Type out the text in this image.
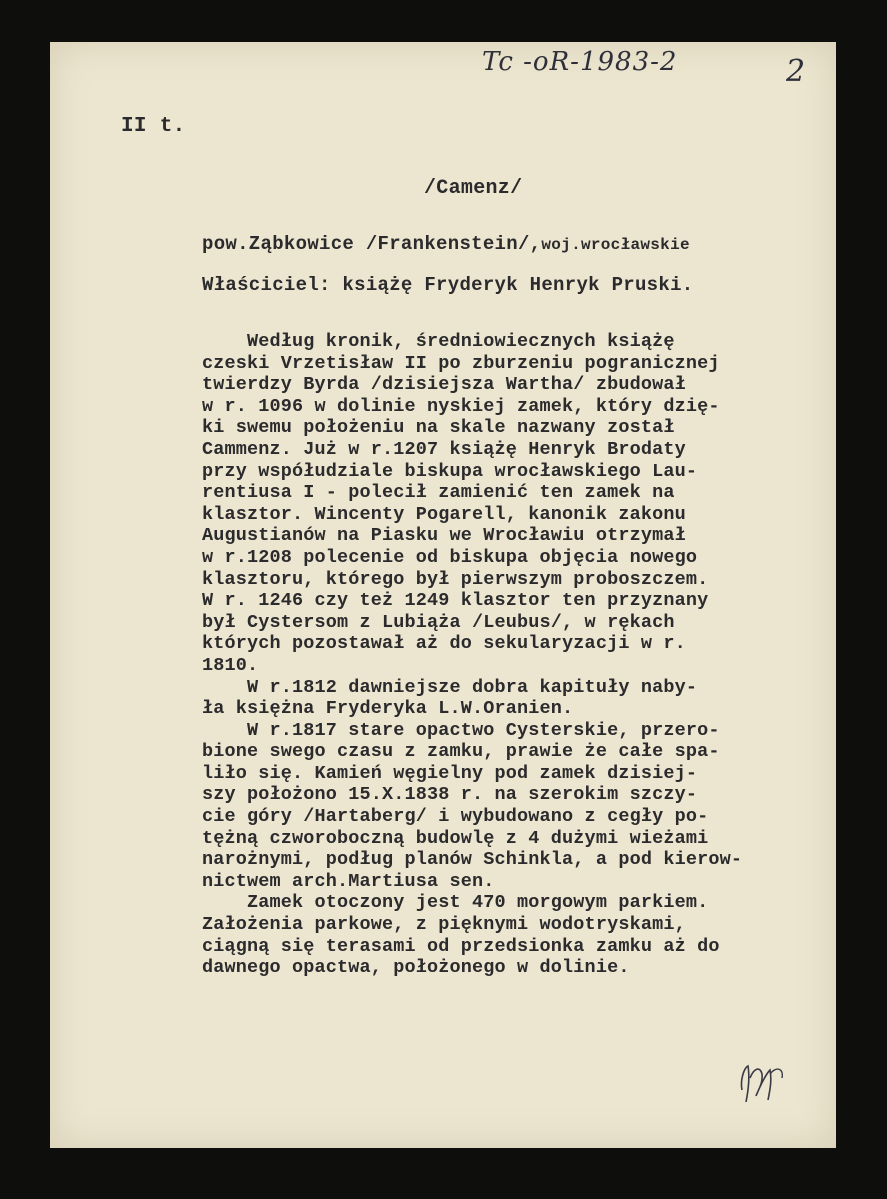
Tc -oR-1983-2	2

II t.

/Camenz/

pow.Ząbkowice /Frankenstein/,woj.wrocławskie

Właściciel: książę Fryderyk Henryk Pruski.

Według kronik, średniowiecznych książę
czeski Vrzetisław II po zburzeniu pogranicznej
twierdzy Byrda /dzisiejsza Wartha/ zbudował
w r. 1096 w dolinie nyskiej zamek, który dzię-
ki swemu położeniu na skale nazwany został
Cammenz. Już w r.1207 książę Henryk Brodaty
przy współudziale biskupa wrocławskiego Lau-
rentiusa I - polecił zamienić ten zamek na
klasztor. Wincenty Pogarell, kanonik zakonu
Augustianów na Piasku we Wrocławiu otrzymał
w r.1208 polecenie od biskupa objęcia nowego
klasztoru, którego był pierwszym proboszczem.
W r. 1246 czy też 1249 klasztor ten przyznany
był Cystersom z Lubiąża /Leubus/, w rękach
których pozostawał aż do sekularyzacji w r.
1810.
W r.1812 dawniejsze dobra kapituły naby-
ła księżna Fryderyka L.W.Oranien.
W r.1817 stare opactwo Cysterskie, przero-
bione swego czasu z zamku, prawie że całe spa-
liło się. Kamień węgielny pod zamek dzisiej-
szy położono 15.X.1838 r. na szerokim szczy-
cie góry /Hartaberg/ i wybudowano z cegły po-
tężną czworoboczną budowlę z 4 dużymi wieżami
narożnymi, podług planów Schinkla, a pod kierow-
nictwem arch.Martiusa sen.
Zamek otoczony jest 470 morgowym parkiem.
Założenia parkowe, z pięknymi wodotryskami,
ciągną się terasami od przedsionka zamku aż do
dawnego opactwa, położonego w dolinie.
